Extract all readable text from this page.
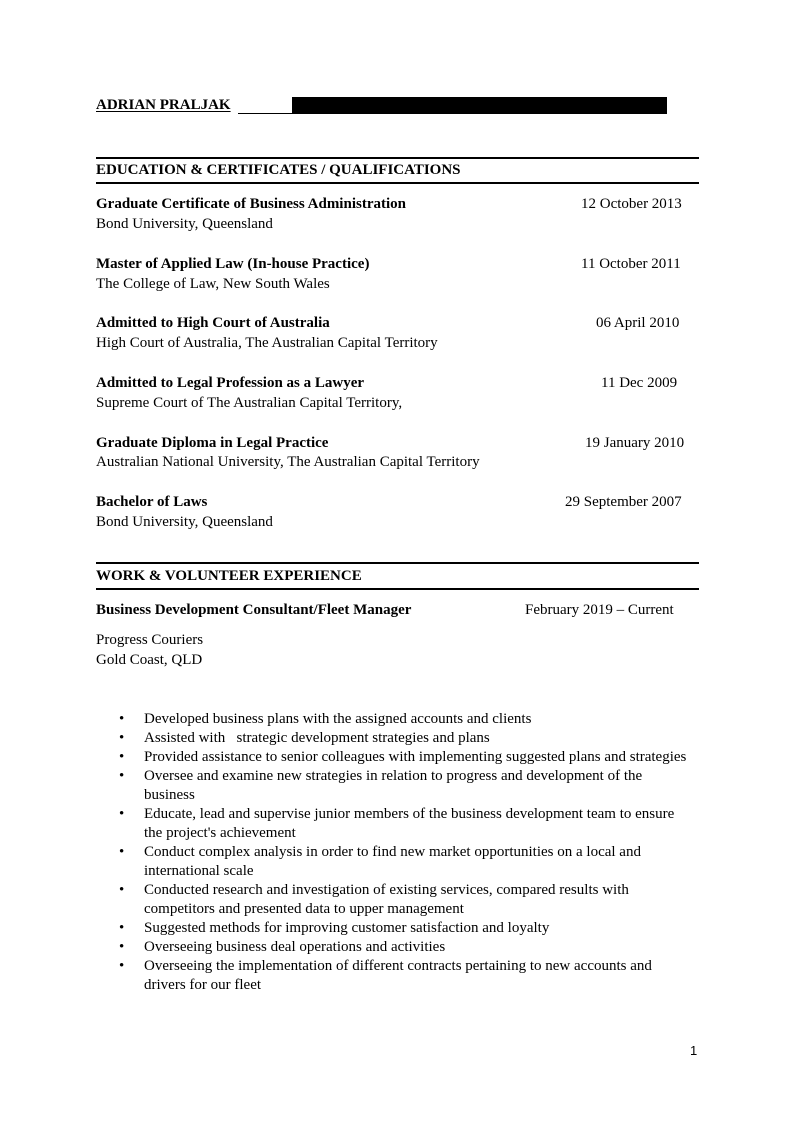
ADRIAN PRALJAK
EDUCATION & CERTIFICATES / QUALIFICATIONS
Graduate Certificate of Business Administration	12 October 2013
Bond University, Queensland
Master of Applied Law (In-house Practice)	11 October 2011
The College of Law, New South Wales
Admitted to High Court of Australia	06 April 2010
High Court of Australia, The Australian Capital Territory
Admitted to Legal Profession as a Lawyer	11 Dec 2009
Supreme Court of The Australian Capital Territory,
Graduate Diploma in Legal Practice	19 January 2010
Australian National University, The Australian Capital Territory
Bachelor of Laws	29 September 2007
Bond University, Queensland
WORK & VOLUNTEER EXPERIENCE
Business Development Consultant/Fleet Manager	February 2019 – Current
Progress Couriers
Gold Coast, QLD
• Developed business plans with the assigned accounts and clients
• Assisted with   strategic development strategies and plans
• Provided assistance to senior colleagues with implementing suggested plans and strategies
• Oversee and examine new strategies in relation to progress and development of the business
• Educate, lead and supervise junior members of the business development team to ensure the project's achievement
• Conduct complex analysis in order to find new market opportunities on a local and international scale
• Conducted research and investigation of existing services, compared results with competitors and presented data to upper management
• Suggested methods for improving customer satisfaction and loyalty
• Overseeing business deal operations and activities
• Overseeing the implementation of different contracts pertaining to new accounts and drivers for our fleet
1
